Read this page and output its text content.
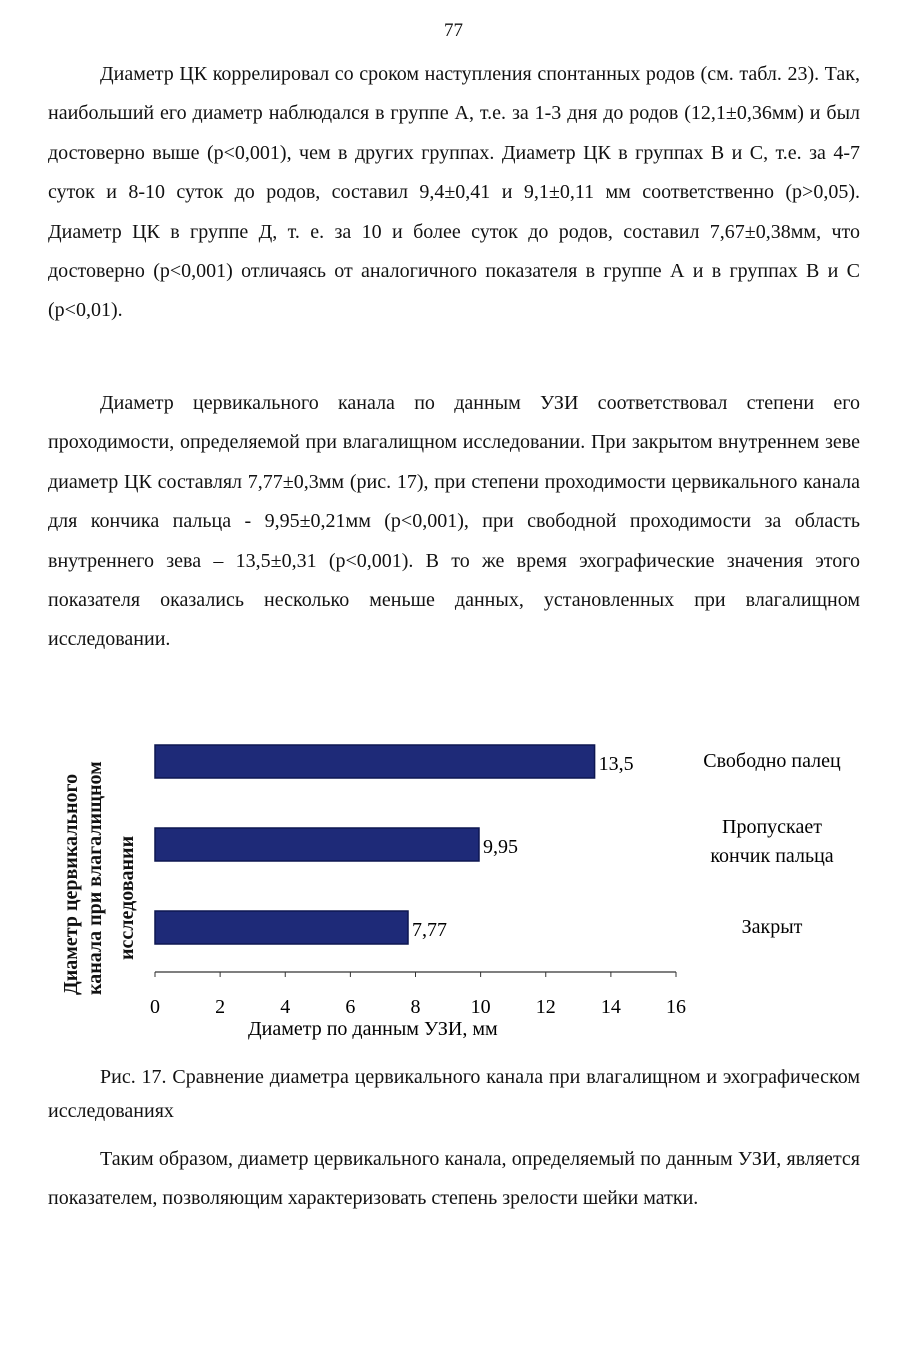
77

Диаметр ЦК коррелировал со сроком наступления спонтанных родов (см. табл. 23). Так, наибольший его диаметр наблюдался в группе А, т.е. за 1-3 дня до родов (12,1±0,36мм) и был достоверно выше (p<0,001), чем в других группах. Диаметр ЦК в группах В и С, т.е. за 4-7 суток и 8-10 суток до родов, составил 9,4±0,41 и 9,1±0,11 мм соответственно (p>0,05). Диаметр ЦК в группе Д, т. е. за 10 и более суток до родов, составил 7,67±0,38мм, что достоверно (p<0,001) отличаясь от аналогичного показателя в группе А и в группах В и С (p<0,01).

Диаметр цервикального канала по данным УЗИ соответствовал степени его проходимости, определяемой при влагалищном исследовании. При закрытом внутреннем зеве диаметр ЦК составлял 7,77±0,3мм (рис. 17), при степени проходимости цервикального канала для кончика пальца - 9,95±0,21мм (p<0,001), при свободной проходимости за область внутреннего зева – 13,5±0,31 (p<0,001). В то же время эхографические значения этого показателя оказались несколько меньше данных, установленных при влагалищном исследовании.

Диаметр цервикального канала при влагалищном исследовании
0	2	4	6	8	10 12 14 16
Диаметр по данным УЗИ, мм
13,5	Свободно палец
9,95
Пропускает
кончик пальца
7,77	Закрыт

Рис. 17. Сравнение диаметра цервикального канала при влагалищном и эхографическом исследованиях

Таким образом, диаметр цервикального канала, определяемый по данным УЗИ, является показателем, позволяющим характеризовать степень зрелости шейки матки.
